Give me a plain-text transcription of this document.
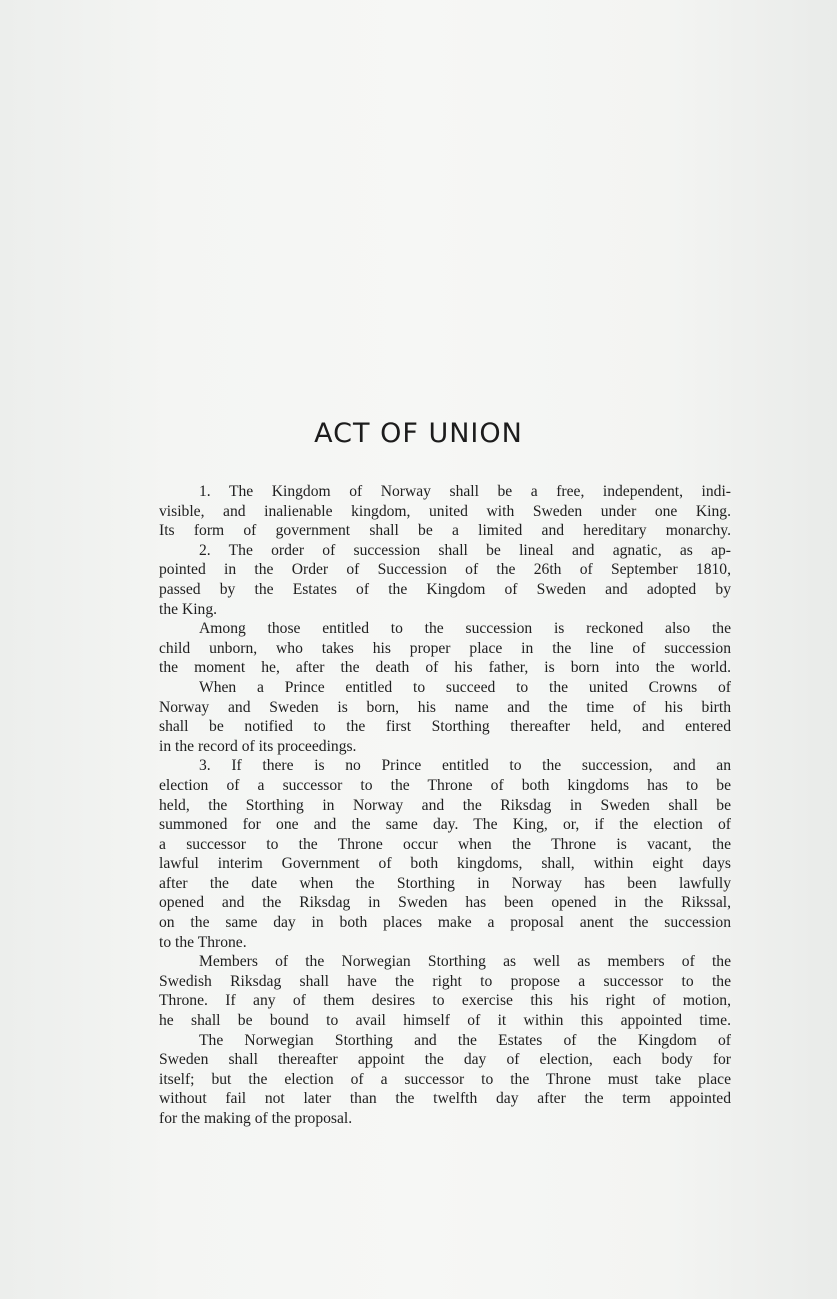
ACT OF UNION
1. The Kingdom of Norway shall be a free, independent, indi-
visible, and inalienable kingdom, united with Sweden under one King.
Its form of government shall be a limited and hereditary monarchy.
2. The order of succession shall be lineal and agnatic, as ap-
pointed in the Order of Succession of the 26th of September 1810,
passed by the Estates of the Kingdom of Sweden and adopted by
the King.
Among those entitled to the succession is reckoned also the
child unborn, who takes his proper place in the line of succession
the moment he, after the death of his father, is born into the world.
When a Prince entitled to succeed to the united Crowns of
Norway and Sweden is born, his name and the time of his birth
shall be notified to the first Storthing thereafter held, and entered
in the record of its proceedings.
3. If there is no Prince entitled to the succession, and an
election of a successor to the Throne of both kingdoms has to be
held, the Storthing in Norway and the Riksdag in Sweden shall be
summoned for one and the same day. The King, or, if the election of
a successor to the Throne occur when the Throne is vacant, the
lawful interim Government of both kingdoms, shall, within eight days
after the date when the Storthing in Norway has been lawfully
opened and the Riksdag in Sweden has been opened in the Rikssal,
on the same day in both places make a proposal anent the succession
to the Throne.
Members of the Norwegian Storthing as well as members of the
Swedish Riksdag shall have the right to propose a successor to the
Throne. If any of them desires to exercise this his right of motion,
he shall be bound to avail himself of it within this appointed time.
The Norwegian Storthing and the Estates of the Kingdom of
Sweden shall thereafter appoint the day of election, each body for
itself; but the election of a successor to the Throne must take place
without fail not later than the twelfth day after the term appointed
for the making of the proposal.
